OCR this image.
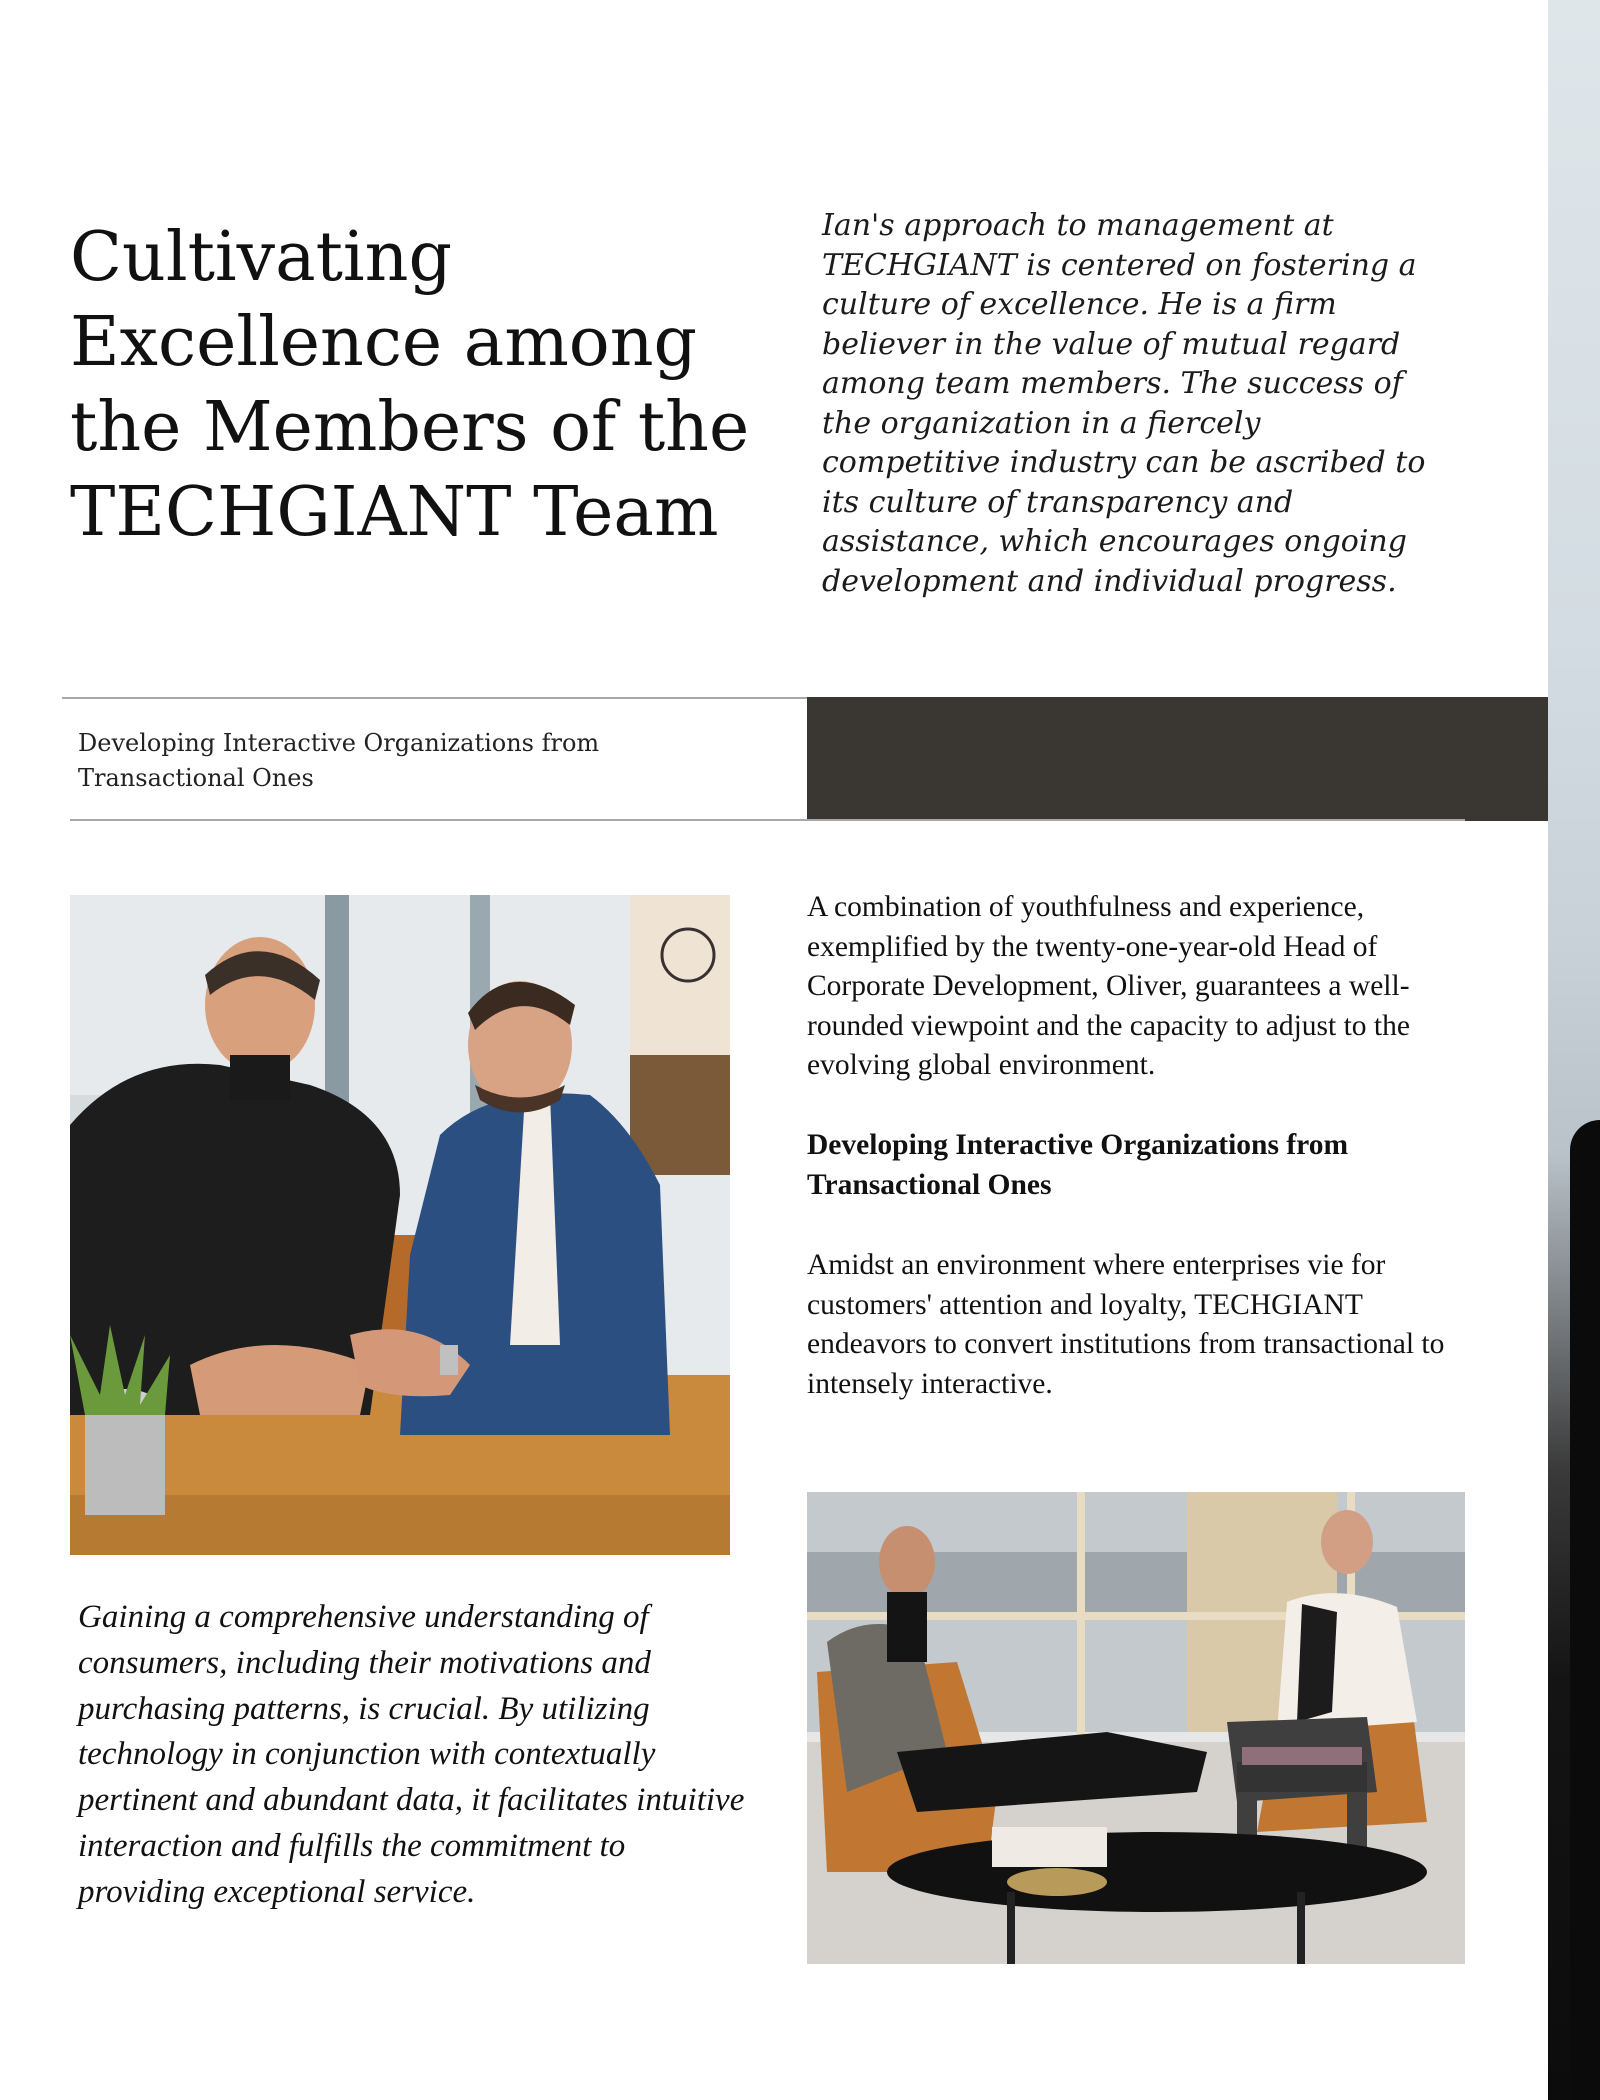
Cultivating Excellence among the Members of the TECHGIANT Team

Ian's approach to management at TECHGIANT is centered on fostering a culture of excellence. He is a firm believer in the value of mutual regard among team members. The success of the organization in a fiercely competitive industry can be ascribed to its culture of transparency and assistance, which encourages ongoing development and individual progress.

Developing Interactive Organizations from Transactional Ones

A combination of youthfulness and experience, exemplified by the twenty-one-year-old Head of Corporate Development, Oliver, guarantees a well-rounded viewpoint and the capacity to adjust to the evolving global environment.

Developing Interactive Organizations from Transactional Ones

Amidst an environment where enterprises vie for customers' attention and loyalty, TECHGIANT endeavors to convert institutions from transactional to intensely interactive.

Gaining a comprehensive understanding of consumers, including their motivations and purchasing patterns, is crucial. By utilizing technology in conjunction with contextually pertinent and abundant data, it facilitates intuitive interaction and fulfills the commitment to providing exceptional service.
